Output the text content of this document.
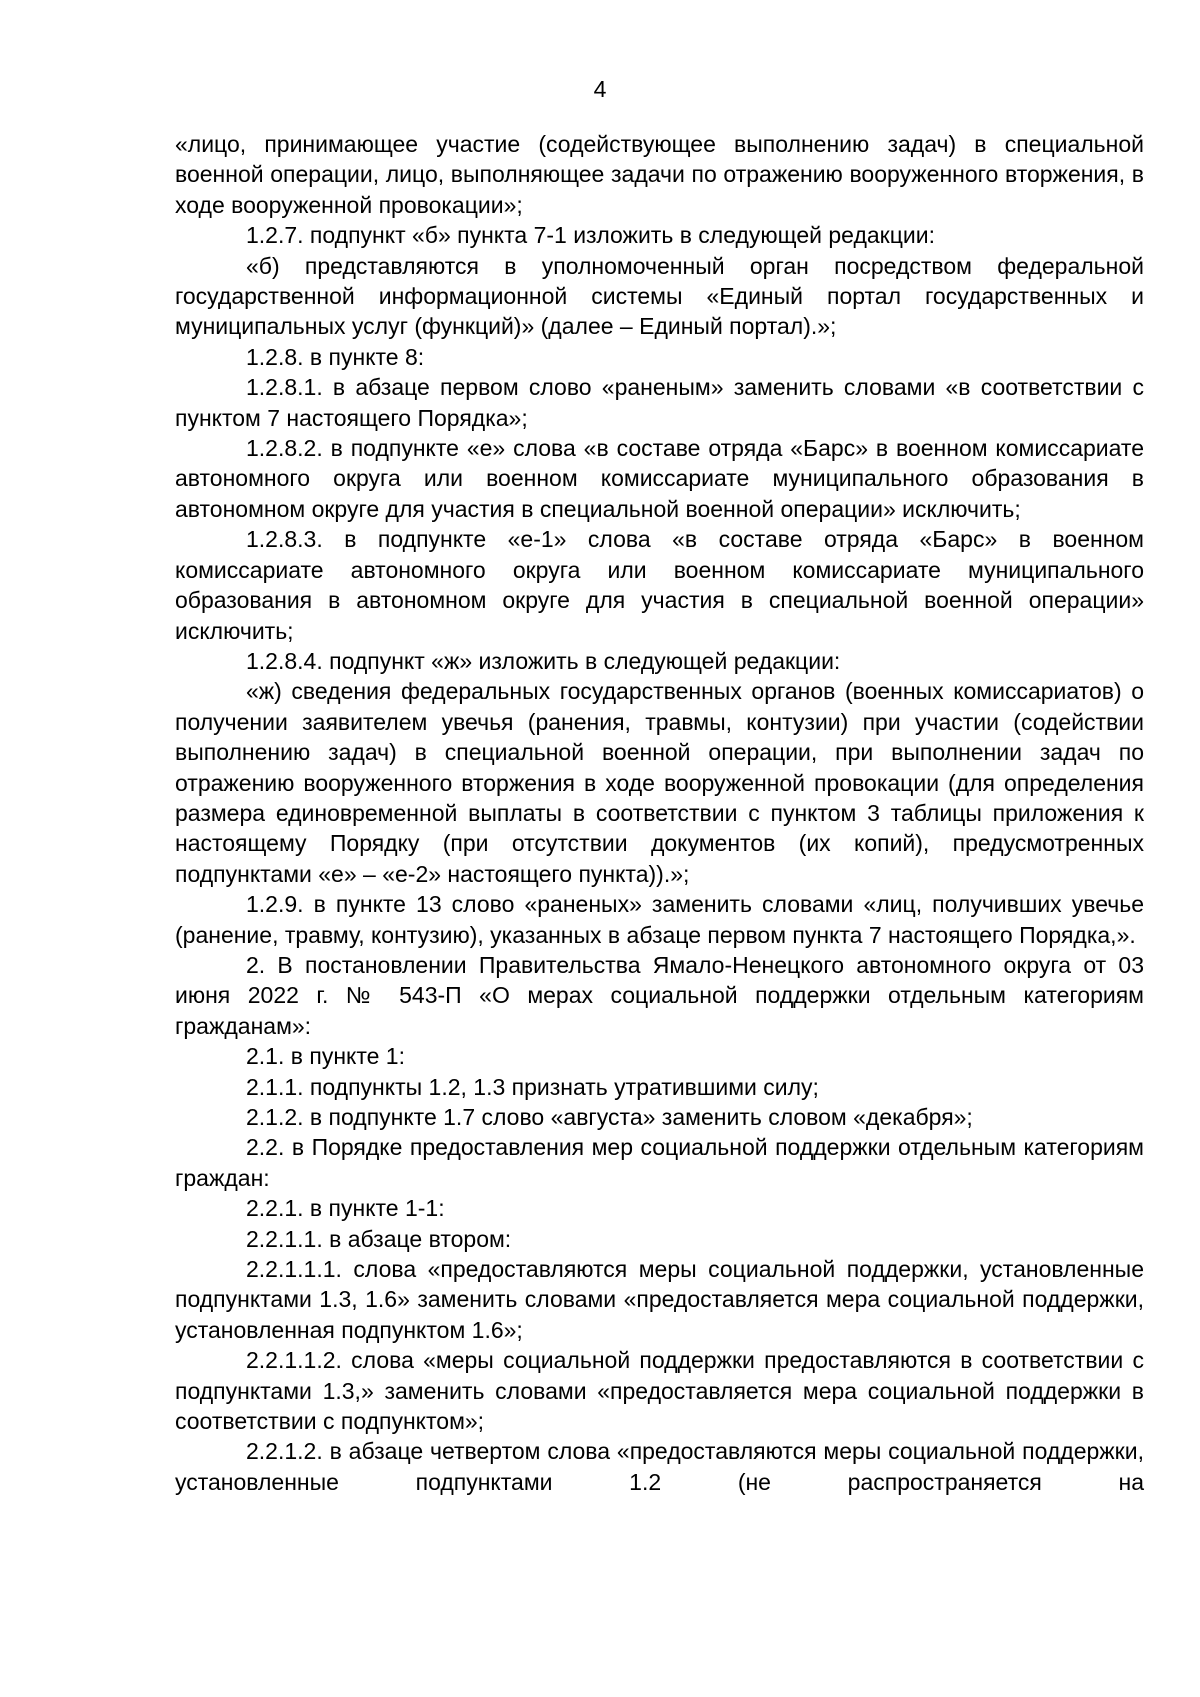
4

«лицо, принимающее участие (содействующее выполнению задач) в специальной военной операции, лицо, выполняющее задачи по отражению вооруженного вторжения, в ходе вооруженной провокации»;

1.2.7. подпункт «б» пункта 7-1 изложить в следующей редакции:

«б) представляются в уполномоченный орган посредством федеральной государственной информационной системы «Единый портал государственных и муниципальных услуг (функций)» (далее – Единый портал).»;

1.2.8. в пункте 8:

1.2.8.1. в абзаце первом слово «раненым» заменить словами «в соответствии с пунктом 7 настоящего Порядка»;

1.2.8.2. в подпункте «е» слова «в составе отряда «Барс» в военном комиссариате автономного округа или военном комиссариате муниципального образования в автономном округе для участия в специальной военной операции» исключить;

1.2.8.3. в подпункте «е-1» слова «в составе отряда «Барс» в военном комиссариате автономного округа или военном комиссариате муниципального образования в автономном округе для участия в специальной военной операции» исключить;

1.2.8.4. подпункт «ж» изложить в следующей редакции:

«ж) сведения федеральных государственных органов (военных комиссариатов) о получении заявителем увечья (ранения, травмы, контузии) при участии (содействии выполнению задач) в специальной военной операции, при выполнении задач по отражению вооруженного вторжения в ходе вооруженной провокации (для определения размера единовременной выплаты в соответствии с пунктом 3 таблицы приложения к настоящему Порядку (при отсутствии документов (их копий), предусмотренных подпунктами «е» – «е-2» настоящего пункта)).»;

1.2.9. в пункте 13 слово «раненых» заменить словами «лиц, получивших увечье (ранение, травму, контузию), указанных в абзаце первом пункта 7 настоящего Порядка,».

2. В постановлении Правительства Ямало-Ненецкого автономного округа от 03 июня 2022 г. № 543-П «О мерах социальной поддержки отдельным категориям гражданам»:

2.1. в пункте 1:

2.1.1. подпункты 1.2, 1.3 признать утратившими силу;

2.1.2. в подпункте 1.7 слово «августа» заменить словом «декабря»;

2.2. в Порядке предоставления мер социальной поддержки отдельным категориям граждан:

2.2.1. в пункте 1-1:

2.2.1.1. в абзаце втором:

2.2.1.1.1. слова «предоставляются меры социальной поддержки, установленные подпунктами 1.3, 1.6» заменить словами «предоставляется мера социальной поддержки, установленная подпунктом 1.6»;

2.2.1.1.2. слова «меры социальной поддержки предоставляются в соответствии с подпунктами 1.3,» заменить словами «предоставляется мера социальной поддержки в соответствии с подпунктом»;

2.2.1.2. в абзаце четвертом слова «предоставляются меры социальной поддержки, установленные подпунктами 1.2 (не распространяется на
